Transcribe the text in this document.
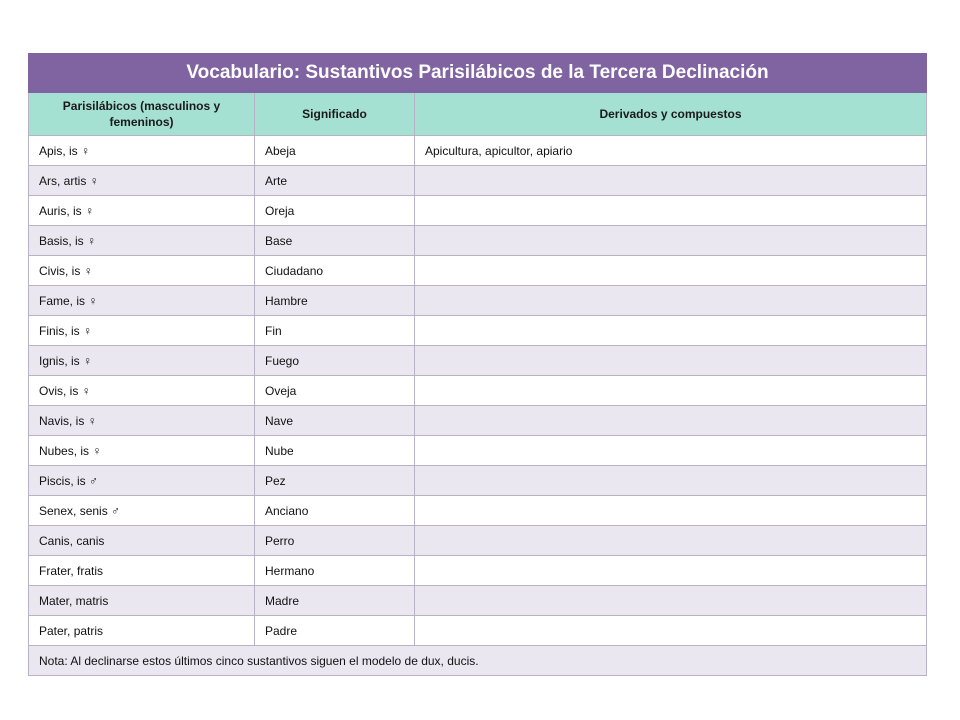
Vocabulario: Sustantivos Parisilábicos de la Tercera Declinación		
Parisilábicos (masculinos y femeninos)	Significado	Derivados y compuestos
Apis, is ♀	Abeja	Apicultura, apicultor, apiario
Ars, artis ♀	Arte	
Auris, is ♀	Oreja	
Basis, is ♀	Base	
Civis, is ♀	Ciudadano	
Fame, is ♀	Hambre	
Finis, is ♀	Fin	
Ignis, is ♀	Fuego	
Ovis, is ♀	Oveja	
Navis, is ♀	Nave	
Nubes, is ♀	Nube	
Piscis, is ♂	Pez	
Senex, senis ♂	Anciano	
Canis, canis	Perro	
Frater, fratis	Hermano	
Mater, matris	Madre	
Pater, patris	Padre	
Nota: Al declinarse estos últimos cinco sustantivos siguen el modelo de dux, ducis.		
